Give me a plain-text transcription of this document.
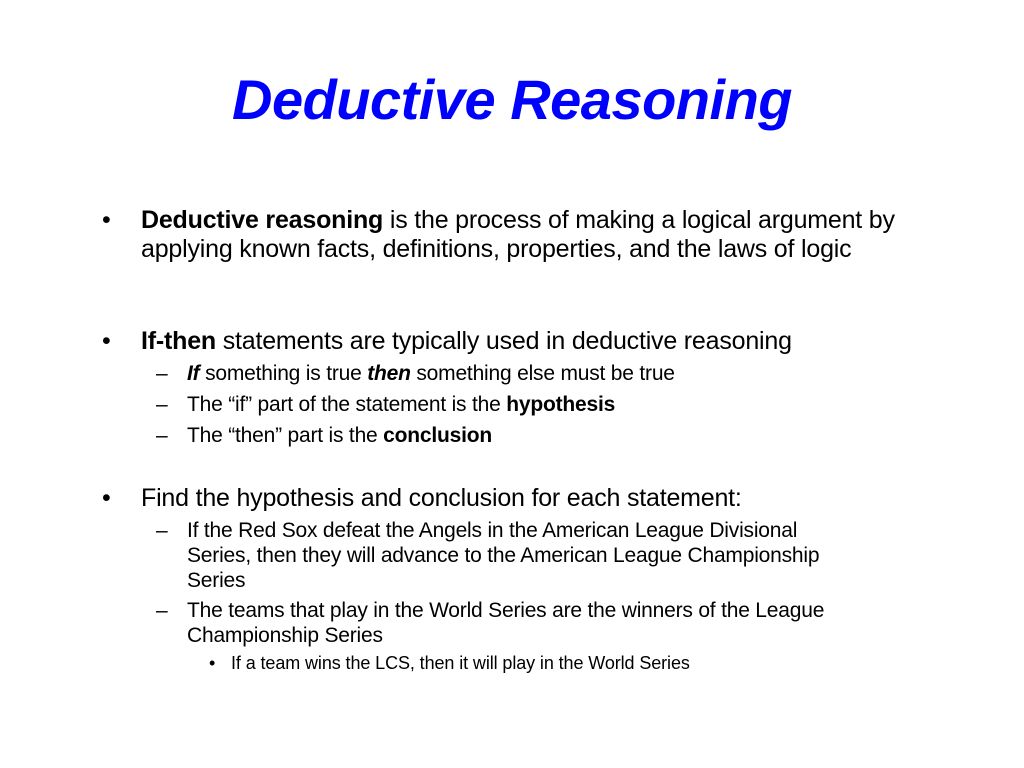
Deductive Reasoning
• Deductive reasoning is the process of making a logical argument by applying known facts, definitions, properties, and the laws of logic
• If-then statements are typically used in deductive reasoning
– If something is true then something else must be true
– The “if” part of the statement is the hypothesis
– The “then” part is the conclusion
• Find the hypothesis and conclusion for each statement:
– If the Red Sox defeat the Angels in the American League Divisional Series, then they will advance to the American League Championship Series
– The teams that play in the World Series are the winners of the League Championship Series
• If a team wins the LCS, then it will play in the World Series
